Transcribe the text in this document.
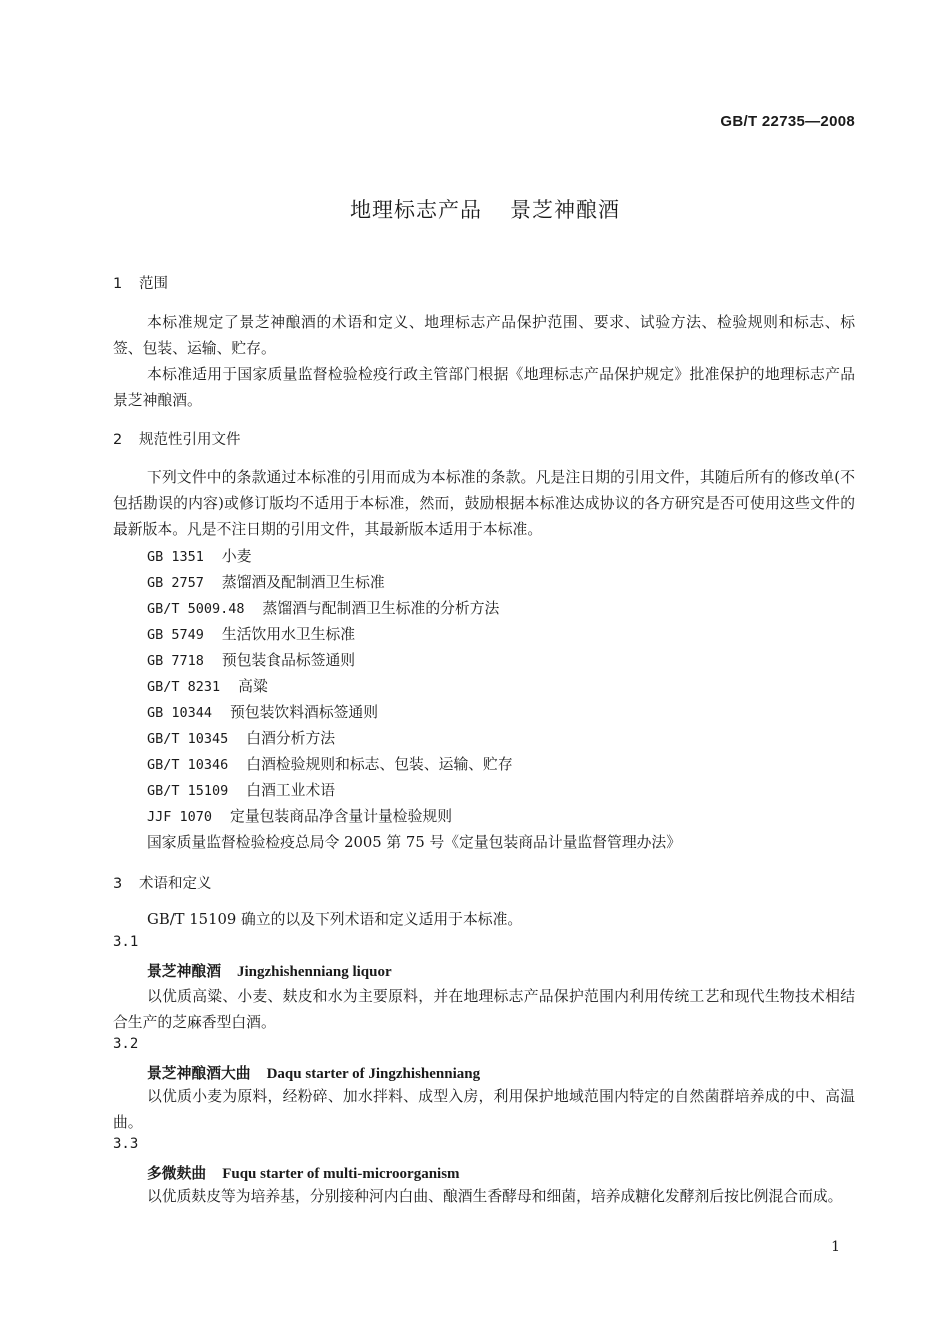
GB/T 22735—2008
地理标志产品 景芝神酿酒
1 范围
本标准规定了景芝神酿酒的术语和定义、地理标志产品保护范围、要求、试验方法、检验规则和标志、标签、包装、运输、贮存。
本标准适用于国家质量监督检验检疫行政主管部门根据《地理标志产品保护规定》批准保护的地理标志产品景芝神酿酒。
2 规范性引用文件
下列文件中的条款通过本标准的引用而成为本标准的条款。凡是注日期的引用文件，其随后所有的修改单(不包括勘误的内容)或修订版均不适用于本标准，然而，鼓励根据本标准达成协议的各方研究是否可使用这些文件的最新版本。凡是不注日期的引用文件，其最新版本适用于本标准。
GB 1351 小麦
GB 2757 蒸馏酒及配制酒卫生标准
GB/T 5009.48 蒸馏酒与配制酒卫生标准的分析方法
GB 5749 生活饮用水卫生标准
GB 7718 预包装食品标签通则
GB/T 8231 高粱
GB 10344 预包装饮料酒标签通则
GB/T 10345 白酒分析方法
GB/T 10346 白酒检验规则和标志、包装、运输、贮存
GB/T 15109 白酒工业术语
JJF 1070 定量包装商品净含量计量检验规则
国家质量监督检验检疫总局令 2005 第 75 号《定量包装商品计量监督管理办法》
3 术语和定义
GB/T 15109 确立的以及下列术语和定义适用于本标准。
3.1
景芝神酿酒 Jingzhishenniang liquor
以优质高粱、小麦、麸皮和水为主要原料，并在地理标志产品保护范围内利用传统工艺和现代生物技术相结合生产的芝麻香型白酒。
3.2
景芝神酿酒大曲 Daqu starter of Jingzhishenniang
以优质小麦为原料，经粉碎、加水拌料、成型入房，利用保护地域范围内特定的自然菌群培养成的中、高温曲。
3.3
多微麸曲 Fuqu starter of multi-microorganism
以优质麸皮等为培养基，分别接种河内白曲、酿酒生香酵母和细菌，培养成糖化发酵剂后按比例混合而成。
1
